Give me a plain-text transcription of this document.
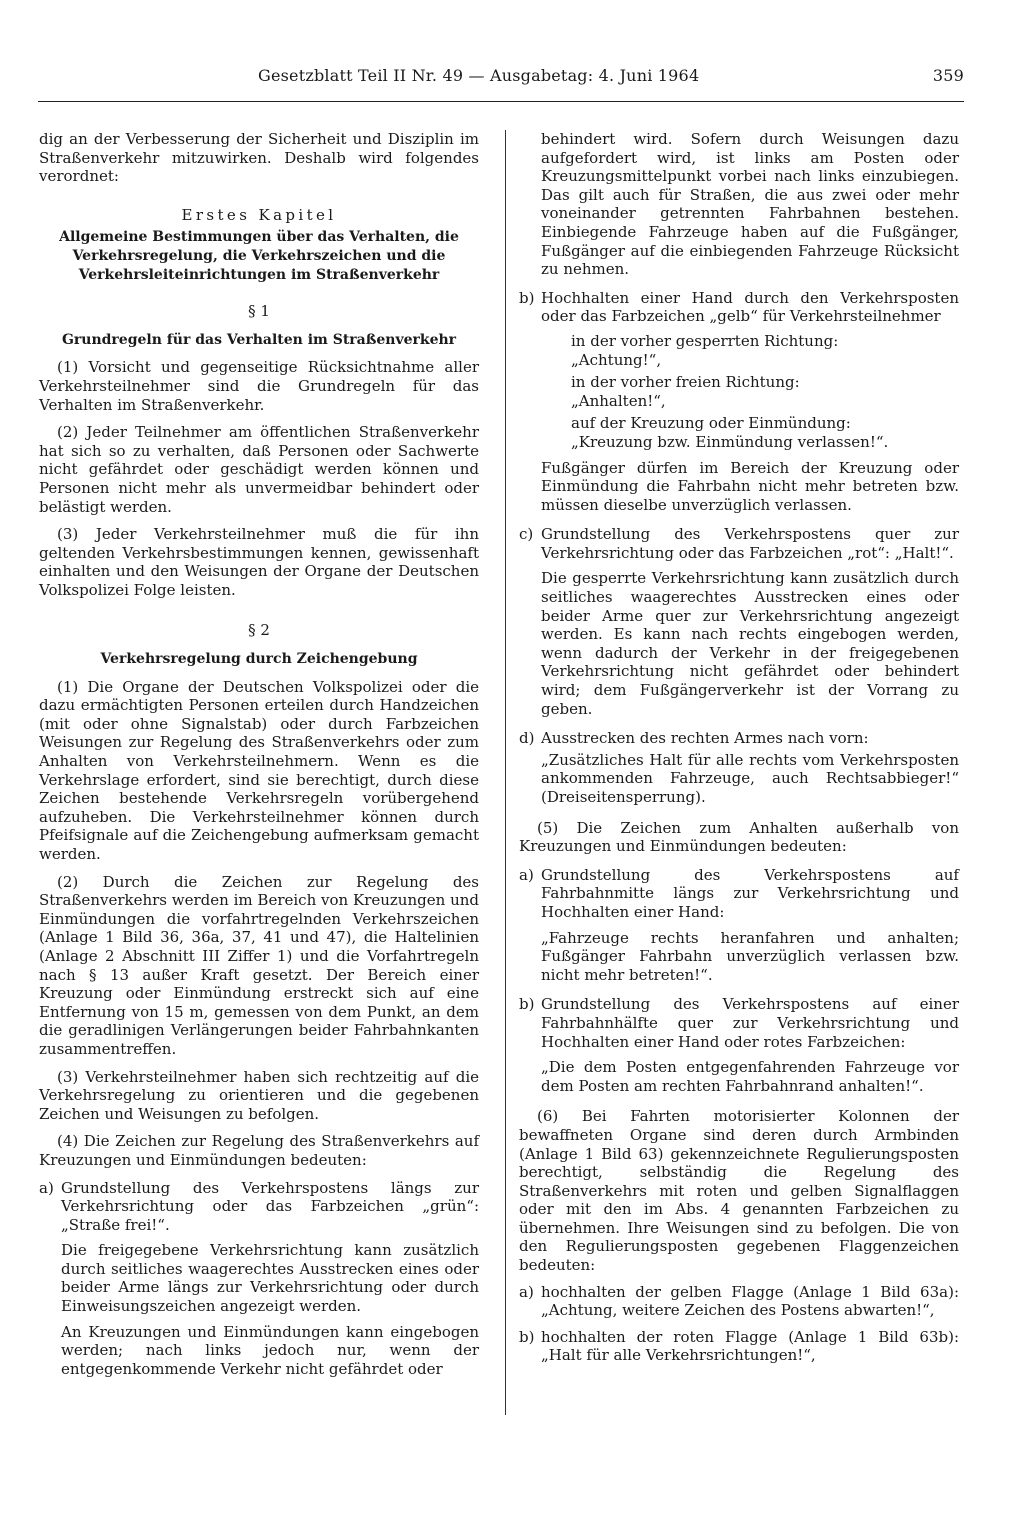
Gesetzblatt Teil II Nr. 49 — Ausgabetag: 4. Juni 1964	359

dig an der Verbesserung der Sicherheit und Disziplin im Straßenverkehr mitzuwirken. Deshalb wird folgendes verordnet:

Erstes Kapitel

Allgemeine Bestimmungen über das Verhalten, die Verkehrsregelung, die Verkehrszeichen und die Verkehrsleiteinrichtungen im Straßenverkehr

§ 1

Grundregeln für das Verhalten im Straßenverkehr

(1) Vorsicht und gegenseitige Rücksichtnahme aller Verkehrsteilnehmer sind die Grundregeln für das Verhalten im Straßenverkehr.

(2) Jeder Teilnehmer am öffentlichen Straßenverkehr hat sich so zu verhalten, daß Personen oder Sachwerte nicht gefährdet oder geschädigt werden können und Personen nicht mehr als unvermeidbar behindert oder belästigt werden.

(3) Jeder Verkehrsteilnehmer muß die für ihn geltenden Verkehrsbestimmungen kennen, gewissenhaft einhalten und den Weisungen der Organe der Deutschen Volkspolizei Folge leisten.

§ 2

Verkehrsregelung durch Zeichengebung

(1) Die Organe der Deutschen Volkspolizei oder die dazu ermächtigten Personen erteilen durch Handzeichen (mit oder ohne Signalstab) oder durch Farbzeichen Weisungen zur Regelung des Straßenverkehrs oder zum Anhalten von Verkehrsteilnehmern. Wenn es die Verkehrslage erfordert, sind sie berechtigt, durch diese Zeichen bestehende Verkehrsregeln vorübergehend aufzuheben. Die Verkehrsteilnehmer können durch Pfeifsignale auf die Zeichengebung aufmerksam gemacht werden.

(2) Durch die Zeichen zur Regelung des Straßenverkehrs werden im Bereich von Kreuzungen und Einmündungen die vorfahrtregelnden Verkehrszeichen (Anlage 1 Bild 36, 36a, 37, 41 und 47), die Haltelinien (Anlage 2 Abschnitt III Ziffer 1) und die Vorfahrtregeln nach § 13 außer Kraft gesetzt. Der Bereich einer Kreuzung oder Einmündung erstreckt sich auf eine Entfernung von 15 m, gemessen von dem Punkt, an dem die geradlinigen Verlängerungen beider Fahrbahnkanten zusammentreffen.

(3) Verkehrsteilnehmer haben sich rechtzeitig auf die Verkehrsregelung zu orientieren und die gegebenen Zeichen und Weisungen zu befolgen.

(4) Die Zeichen zur Regelung des Straßenverkehrs auf Kreuzungen und Einmündungen bedeuten:

a) Grundstellung des Verkehrspostens längs zur Verkehrsrichtung oder das Farbzeichen „grün“: „Straße frei!“.

Die freigegebene Verkehrsrichtung kann zusätzlich durch seitliches waagerechtes Ausstrecken eines oder beider Arme längs zur Verkehrsrichtung oder durch Einweisungszeichen angezeigt werden.

An Kreuzungen und Einmündungen kann eingebogen werden; nach links jedoch nur, wenn der entgegenkommende Verkehr nicht gefährdet oder

behindert wird. Sofern durch Weisungen dazu aufgefordert wird, ist links am Posten oder Kreuzungsmittelpunkt vorbei nach links einzubiegen. Das gilt auch für Straßen, die aus zwei oder mehr voneinander getrennten Fahrbahnen bestehen. Einbiegende Fahrzeuge haben auf die Fußgänger, Fußgänger auf die einbiegenden Fahrzeuge Rücksicht zu nehmen.

b) Hochhalten einer Hand durch den Verkehrsposten oder das Farbzeichen „gelb“ für Verkehrsteilnehmer

in der vorher gesperrten Richtung:

„Achtung!“,

in der vorher freien Richtung:

„Anhalten!“,

auf der Kreuzung oder Einmündung:

„Kreuzung bzw. Einmündung verlassen!“.

Fußgänger dürfen im Bereich der Kreuzung oder Einmündung die Fahrbahn nicht mehr betreten bzw. müssen dieselbe unverzüglich verlassen.

c) Grundstellung des Verkehrspostens quer zur Verkehrsrichtung oder das Farbzeichen „rot“: „Halt!“.

Die gesperrte Verkehrsrichtung kann zusätzlich durch seitliches waagerechtes Ausstrecken eines oder beider Arme quer zur Verkehrsrichtung angezeigt werden. Es kann nach rechts eingebogen werden, wenn dadurch der Verkehr in der freigegebenen Verkehrsrichtung nicht gefährdet oder behindert wird; dem Fußgängerverkehr ist der Vorrang zu geben.

d) Ausstrecken des rechten Armes nach vorn:

„Zusätzliches Halt für alle rechts vom Verkehrsposten ankommenden Fahrzeuge, auch Rechtsabbieger!“ (Dreiseitensperrung).

(5) Die Zeichen zum Anhalten außerhalb von Kreuzungen und Einmündungen bedeuten:

a) Grundstellung des Verkehrspostens auf Fahrbahnmitte längs zur Verkehrsrichtung und Hochhalten einer Hand:

„Fahrzeuge rechts heranfahren und anhalten; Fußgänger Fahrbahn unverzüglich verlassen bzw. nicht mehr betreten!“.

b) Grundstellung des Verkehrspostens auf einer Fahrbahnhälfte quer zur Verkehrsrichtung und Hochhalten einer Hand oder rotes Farbzeichen:

„Die dem Posten entgegenfahrenden Fahrzeuge vor dem Posten am rechten Fahrbahnrand anhalten!“.

(6) Bei Fahrten motorisierter Kolonnen der bewaffneten Organe sind deren durch Armbinden (Anlage 1 Bild 63) gekennzeichnete Regulierungsposten berechtigt, selbständig die Regelung des Straßenverkehrs mit roten und gelben Signalflaggen oder mit den im Abs. 4 genannten Farbzeichen zu übernehmen. Ihre Weisungen sind zu befolgen. Die von den Regulierungsposten gegebenen Flaggenzeichen bedeuten:

a) hochhalten der gelben Flagge (Anlage 1 Bild 63a): „Achtung, weitere Zeichen des Postens abwarten!“,

b) hochhalten der roten Flagge (Anlage 1 Bild 63b): „Halt für alle Verkehrsrichtungen!“,
